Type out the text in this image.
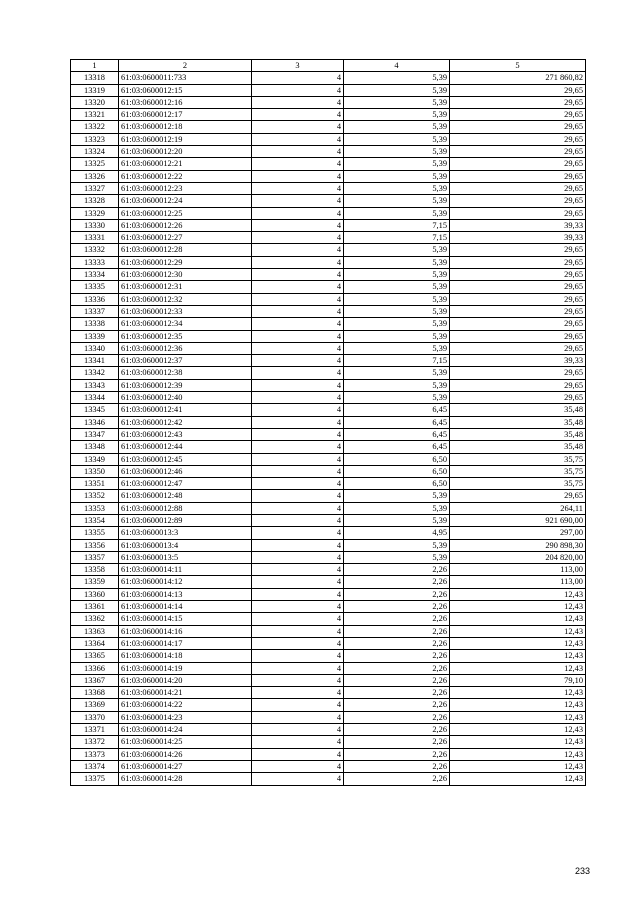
1	2	3	4	5
13318	61:03:0600011:733	4	5,39	271 860,82
13319	61:03:0600012:15	4	5,39	29,65
13320	61:03:0600012:16	4	5,39	29,65
13321	61:03:0600012:17	4	5,39	29,65
13322	61:03:0600012:18	4	5,39	29,65
13323	61:03:0600012:19	4	5,39	29,65
13324	61:03:0600012:20	4	5,39	29,65
13325	61:03:0600012:21	4	5,39	29,65
13326	61:03:0600012:22	4	5,39	29,65
13327	61:03:0600012:23	4	5,39	29,65
13328	61:03:0600012:24	4	5,39	29,65
13329	61:03:0600012:25	4	5,39	29,65
13330	61:03:0600012:26	4	7,15	39,33
13331	61:03:0600012:27	4	7,15	39,33
13332	61:03:0600012:28	4	5,39	29,65
13333	61:03:0600012:29	4	5,39	29,65
13334	61:03:0600012:30	4	5,39	29,65
13335	61:03:0600012:31	4	5,39	29,65
13336	61:03:0600012:32	4	5,39	29,65
13337	61:03:0600012:33	4	5,39	29,65
13338	61:03:0600012:34	4	5,39	29,65
13339	61:03:0600012:35	4	5,39	29,65
13340	61:03:0600012:36	4	5,39	29,65
13341	61:03:0600012:37	4	7,15	39,33
13342	61:03:0600012:38	4	5,39	29,65
13343	61:03:0600012:39	4	5,39	29,65
13344	61:03:0600012:40	4	5,39	29,65
13345	61:03:0600012:41	4	6,45	35,48
13346	61:03:0600012:42	4	6,45	35,48
13347	61:03:0600012:43	4	6,45	35,48
13348	61:03:0600012:44	4	6,45	35,48
13349	61:03:0600012:45	4	6,50	35,75
13350	61:03:0600012:46	4	6,50	35,75
13351	61:03:0600012:47	4	6,50	35,75
13352	61:03:0600012:48	4	5,39	29,65
13353	61:03:0600012:88	4	5,39	264,11
13354	61:03:0600012:89	4	5,39	921 690,00
13355	61:03:0600013:3	4	4,95	297,00
13356	61:03:0600013:4	4	5,39	290 898,30
13357	61:03:0600013:5	4	5,39	204 820,00
13358	61:03:0600014:11	4	2,26	113,00
13359	61:03:0600014:12	4	2,26	113,00
13360	61:03:0600014:13	4	2,26	12,43
13361	61:03:0600014:14	4	2,26	12,43
13362	61:03:0600014:15	4	2,26	12,43
13363	61:03:0600014:16	4	2,26	12,43
13364	61:03:0600014:17	4	2,26	12,43
13365	61:03:0600014:18	4	2,26	12,43
13366	61:03:0600014:19	4	2,26	12,43
13367	61:03:0600014:20	4	2,26	79,10
13368	61:03:0600014:21	4	2,26	12,43
13369	61:03:0600014:22	4	2,26	12,43
13370	61:03:0600014:23	4	2,26	12,43
13371	61:03:0600014:24	4	2,26	12,43
13372	61:03:0600014:25	4	2,26	12,43
13373	61:03:0600014:26	4	2,26	12,43
13374	61:03:0600014:27	4	2,26	12,43
13375	61:03:0600014:28	4	2,26	12,43
233
